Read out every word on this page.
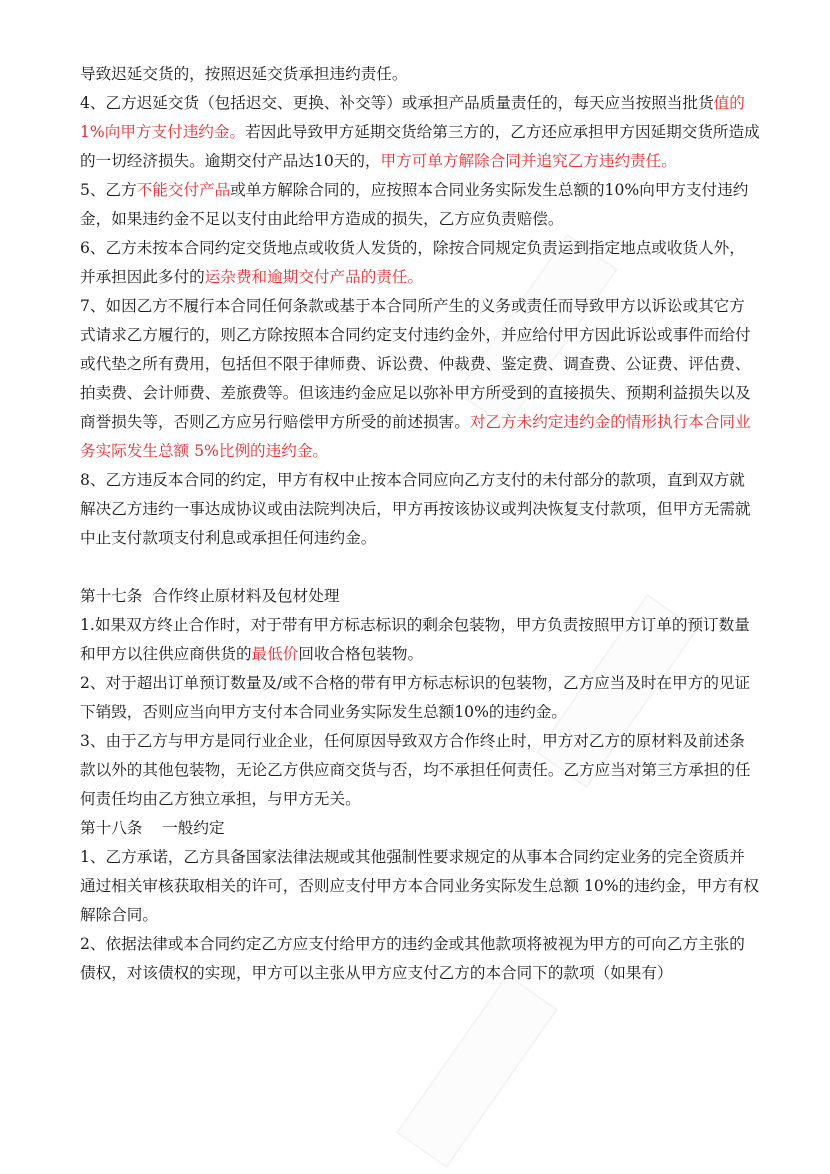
导致迟延交货的，按照迟延交货承担违约责任。

4、乙方迟延交货（包括迟交、更换、补交等）或承担产品质量责任的，每天应当按照当批货值的1%向甲方支付违约金。若因此导致甲方延期交货给第三方的，乙方还应承担甲方因延期交货所造成的一切经济损失。逾期交付产品达10天的，甲方可单方解除合同并追究乙方违约责任。

5、乙方不能交付产品或单方解除合同的，应按照本合同业务实际发生总额的10%向甲方支付违约金，如果违约金不足以支付由此给甲方造成的损失，乙方应负责赔偿。

6、乙方未按本合同约定交货地点或收货人发货的，除按合同规定负责运到指定地点或收货人外，并承担因此多付的运杂费和逾期交付产品的责任。

7、如因乙方不履行本合同任何条款或基于本合同所产生的义务或责任而导致甲方以诉讼或其它方式请求乙方履行的，则乙方除按照本合同约定支付违约金外，并应给付甲方因此诉讼或事件而给付或代垫之所有费用，包括但不限于律师费、诉讼费、仲裁费、鉴定费、调查费、公证费、评估费、拍卖费、会计师费、差旅费等。但该违约金应足以弥补甲方所受到的直接损失、预期利益损失以及商誉损失等，否则乙方应另行赔偿甲方所受的前述损害。对乙方未约定违约金的情形执行本合同业务实际发生总额 5%比例的违约金。

8、乙方违反本合同的约定，甲方有权中止按本合同应向乙方支付的未付部分的款项，直到双方就解决乙方违约一事达成协议或由法院判决后，甲方再按该协议或判决恢复支付款项，但甲方无需就中止支付款项支付利息或承担任何违约金。

第十七条  合作终止原材料及包材处理

1.如果双方终止合作时，对于带有甲方标志标识的剩余包装物，甲方负责按照甲方订单的预订数量和甲方以往供应商供货的最低价回收合格包装物。

2、对于超出订单预订数量及/或不合格的带有甲方标志标识的包装物，乙方应当及时在甲方的见证下销毁，否则应当向甲方支付本合同业务实际发生总额10%的违约金。

3、由于乙方与甲方是同行业企业，任何原因导致双方合作终止时，甲方对乙方的原材料及前述条款以外的其他包装物，无论乙方供应商交货与否，均不承担任何责任。乙方应当对第三方承担的任何责任均由乙方独立承担，与甲方无关。

第十八条    一般约定

1、乙方承诺，乙方具备国家法律法规或其他强制性要求规定的从事本合同约定业务的完全资质并通过相关审核获取相关的许可，否则应支付甲方本合同业务实际发生总额 10%的违约金，甲方有权解除合同。

2、依据法律或本合同约定乙方应支付给甲方的违约金或其他款项将被视为甲方的可向乙方主张的债权，对该债权的实现，甲方可以主张从甲方应支付乙方的本合同下的款项（如果有）
